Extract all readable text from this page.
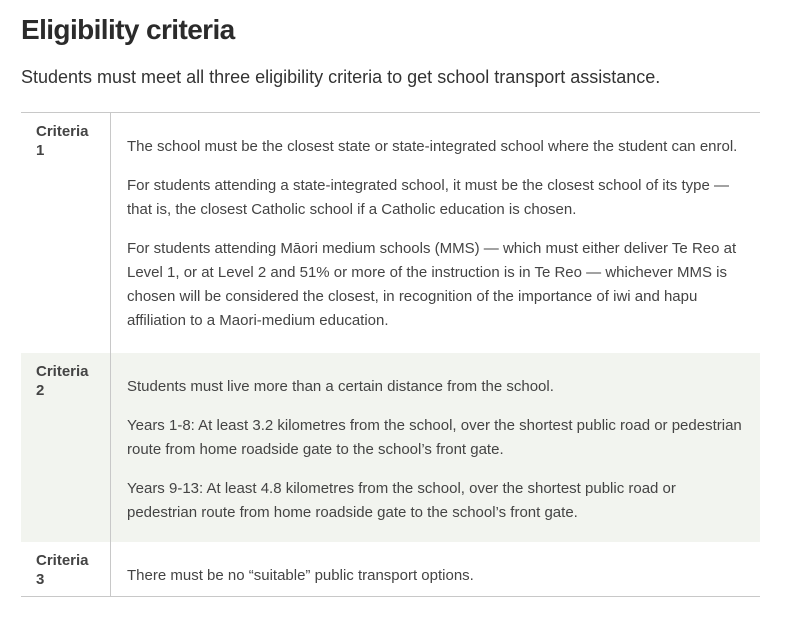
Eligibility criteria

Students must meet all three eligibility criteria to get school transport assistance.

Criteria
1	The school must be the closest state or state-integrated school where the student can enrol.

For students attending a state-integrated school, it must be the closest school of its type — that is, the closest Catholic school if a Catholic education is chosen.

For students attending Māori medium schools (MMS) — which must either deliver Te Reo at Level 1, or at Level 2 and 51% or more of the instruction is in Te Reo — whichever MMS is chosen will be considered the closest, in recognition of the importance of iwi and hapu affiliation to a Maori-medium education.

Criteria
2	Students must live more than a certain distance from the school.

Years 1-8: At least 3.2 kilometres from the school, over the shortest public road or pedestrian route from home roadside gate to the school’s front gate.

Years 9-13: At least 4.8 kilometres from the school, over the shortest public road or pedestrian route from home roadside gate to the school’s front gate.

Criteria
3	There must be no “suitable” public transport options.
